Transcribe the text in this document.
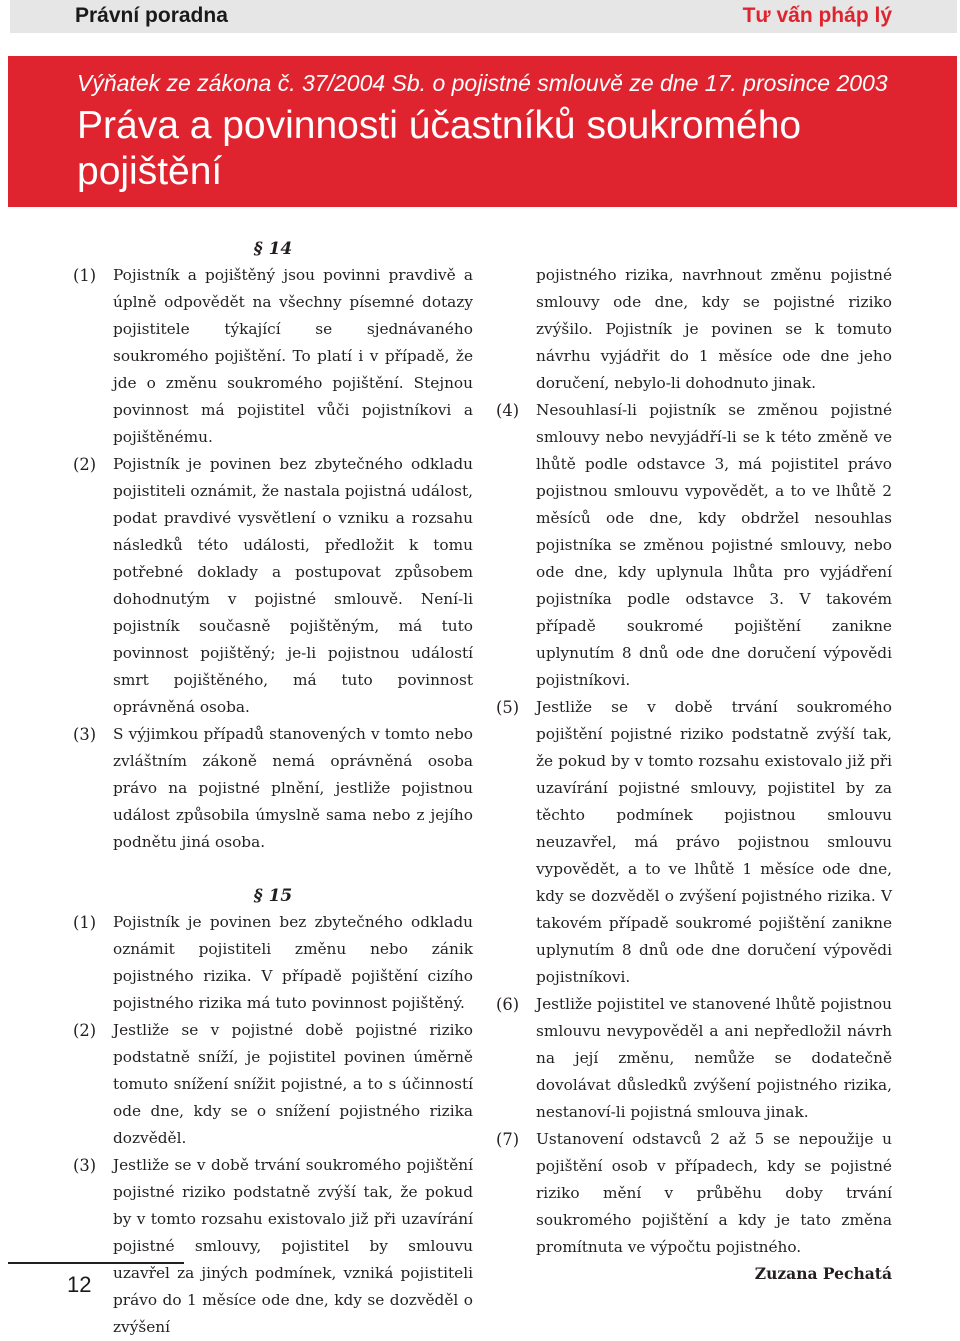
Právní poradna	Tư vấn pháp lý
Výňatek ze zákona č. 37/2004 Sb. o pojistné smlouvě ze dne 17. prosince 2003
Práva a povinnosti účastníků soukromého pojištění
§ 14
(1) Pojistník a pojištěný jsou povinni pravdivě a úplně odpovědět na všechny písemné dotazy pojistitele týkající se sjednávaného soukromého pojištění. To platí i v případě, že jde o změnu soukromého pojištění. Stejnou povinnost má pojistitel vůči pojistníkovi a pojištěnému.
(2) Pojistník je povinen bez zbytečného odkladu pojistiteli oznámit, že nastala pojistná událost, podat pravdivé vysvětlení o vzniku a rozsahu následků této události, předložit k tomu potřebné doklady a postupovat způsobem dohodnutým v pojistné smlouvě. Není-li pojistník současně pojištěným, má tuto povinnost pojištěný; je-li pojistnou událostí smrt pojištěného, má tuto povinnost oprávněná osoba.
(3) S výjimkou případů stanovených v tomto nebo zvláštním zákoně nemá oprávněná osoba právo na pojistné plnění, jestliže pojistnou událost způsobila úmyslně sama nebo z jejího podnětu jiná osoba.
§ 15
(1) Pojistník je povinen bez zbytečného odkladu oznámit pojistiteli změnu nebo zánik pojistného rizika. V případě pojištění cizího pojistného rizika má tuto povinnost pojištěný.
(2) Jestliže se v pojistné době pojistné riziko podstatně sníží, je pojistitel povinen úměrně tomuto snížení snížit pojistné, a to s účinností ode dne, kdy se o snížení pojistného rizika dozvěděl.
(3) Jestliže se v době trvání soukromého pojištění pojistné riziko podstatně zvýší tak, že pokud by v tomto rozsahu existovalo již při uzavírání pojistné smlouvy, pojistitel by smlouvu uzavřel za jiných podmínek, vzniká pojistiteli právo do 1 měsíce ode dne, kdy se dozvěděl o zvýšení
pojistného rizika, navrhnout změnu pojistné smlouvy ode dne, kdy se pojistné riziko zvýšilo. Pojistník je povinen se k tomuto návrhu vyjádřit do 1 měsíce ode dne jeho doručení, nebylo-li dohodnuto jinak.
(4) Nesouhlasí-li pojistník se změnou pojistné smlouvy nebo nevyjádří-li se k této změně ve lhůtě podle odstavce 3, má pojistitel právo pojistnou smlouvu vypovědět, a to ve lhůtě 2 měsíců ode dne, kdy obdržel nesouhlas pojistníka se změnou pojistné smlouvy, nebo ode dne, kdy uplynula lhůta pro vyjádření pojistníka podle odstavce 3. V takovém případě soukromé pojištění zanikne uplynutím 8 dnů ode dne doručení výpovědi pojistníkovi.
(5) Jestliže se v době trvání soukromého pojištění pojistné riziko podstatně zvýší tak, že pokud by v tomto rozsahu existovalo již při uzavírání pojistné smlouvy, pojistitel by za těchto podmínek pojistnou smlouvu neuzavřel, má právo pojistnou smlouvu vypovědět, a to ve lhůtě 1 měsíce ode dne, kdy se dozvěděl o zvýšení pojistného rizika. V takovém případě soukromé pojištění zanikne uplynutím 8 dnů ode dne doručení výpovědi pojistníkovi.
(6) Jestliže pojistitel ve stanovené lhůtě pojistnou smlouvu nevypověděl a ani nepředložil návrh na její změnu, nemůže se dodatečně dovolávat důsledků zvýšení pojistného rizika, nestanoví-li pojistná smlouva jinak.
(7) Ustanovení odstavců 2 až 5 se nepoužije u pojištění osob v případech, kdy se pojistné riziko mění v průběhu doby trvání soukromého pojištění a kdy je tato změna promítnuta ve výpočtu pojistného.
Zuzana Pechatá
12
